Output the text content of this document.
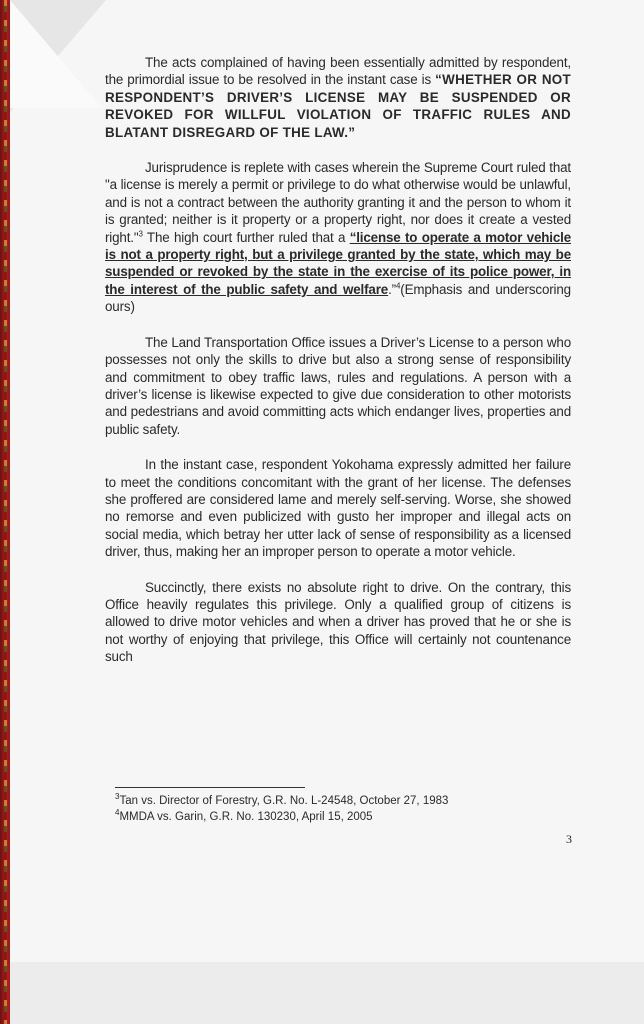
The acts complained of having been essentially admitted by respondent, the primordial issue to be resolved in the instant case is “WHETHER OR NOT RESPONDENT’S DRIVER’S LICENSE MAY BE SUSPENDED OR REVOKED FOR WILLFUL VIOLATION OF TRAFFIC RULES AND BLATANT DISREGARD OF THE LAW.”

Jurisprudence is replete with cases wherein the Supreme Court ruled that "a license is merely a permit or privilege to do what otherwise would be unlawful, and is not a contract between the authority granting it and the person to whom it is granted; neither is it property or a property right, nor does it create a vested right."$^3$ The high court further ruled that a “license to operate a motor vehicle is not a property right, but a privilege granted by the state, which may be suspended or revoked by the state in the exercise of its police power, in the interest of the public safety and welfare.”$^4$(Emphasis and underscoring ours)

The Land Transportation Office issues a Driver’s License to a person who possesses not only the skills to drive but also a strong sense of responsibility and commitment to obey traffic laws, rules and regulations. A person with a driver’s license is likewise expected to give due consideration to other motorists and pedestrians and avoid committing acts which endanger lives, properties and public safety.

In the instant case, respondent Yokohama expressly admitted her failure to meet the conditions concomitant with the grant of her license. The defenses she proffered are considered lame and merely self-serving. Worse, she showed no remorse and even publicized with gusto her improper and illegal acts on social media, which betray her utter lack of sense of responsibility as a licensed driver, thus, making her an improper person to operate a motor vehicle.

Succinctly, there exists no absolute right to drive. On the contrary, this Office heavily regulates this privilege. Only a qualified group of citizens is allowed to drive motor vehicles and when a driver has proved that he or she is not worthy of enjoying that privilege, this Office will certainly not countenance such

$^3$Tan vs. Director of Forestry, G.R. No. L-24548, October 27, 1983
$^4$MMDA vs. Garin, G.R. No. 130230, April 15, 2005
3
